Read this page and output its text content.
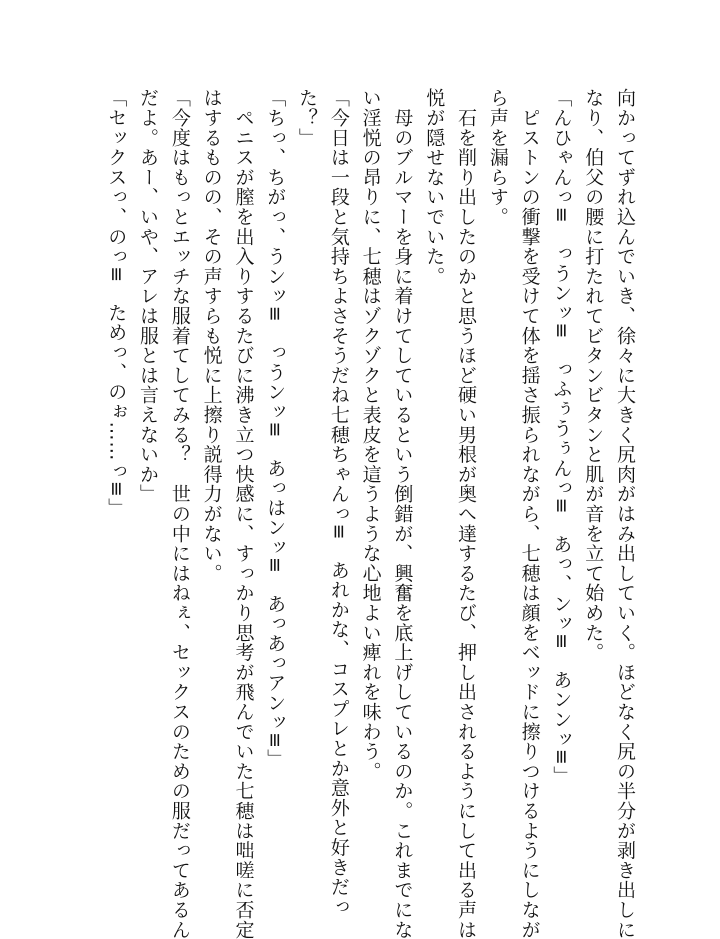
向かってずれ込んでいき、徐々に大きく尻肉がはみ出していく。ほどなく尻の半分が剥き出しに
なり、伯父の腰に打たれてビタンビタンと肌が音を立て始めた。
「んひゃんっ≡　っうンッ≡　っふぅうぅんっ≡　あっ、ンッ≡　あンンッ≡」
　ピストンの衝撃を受けて体を揺さ振られながら、七穂は顔をベッドに擦りつけるようにしなが
ら声を漏らす。
　石を削り出したのかと思うほど硬い男根が奥へ達するたび、押し出されるようにして出る声は
悦が隠せないでいた。
　母のブルマーを身に着けてしているという倒錯が、興奮を底上げしているのか。これまでにな
い淫悦の昂りに、七穂はゾクゾクと表皮を這うような心地よい痺れを味わう。
「今日は一段と気持ちよさそうだね七穂ちゃんっ≡　あれかな、コスプレとか意外と好きだっ
た？」
「ちっ、ちがっ、うンッ≡　っうンッ≡　あっはンッ≡　あっあっアンッ≡」
　ペニスが膣を出入りするたびに沸き立つ快感に、すっかり思考が飛んでいた七穂は咄嗟に否定
はするものの、その声すらも悦に上擦り説得力がない。
「今度はもっとエッチな服着てしてみる？　世の中にはねぇ、セックスのための服だってあるん
だよ。あー、いや、アレは服とは言えないか」
「セックスっ、のっ≡　ためっ、のぉ……っ≡」
